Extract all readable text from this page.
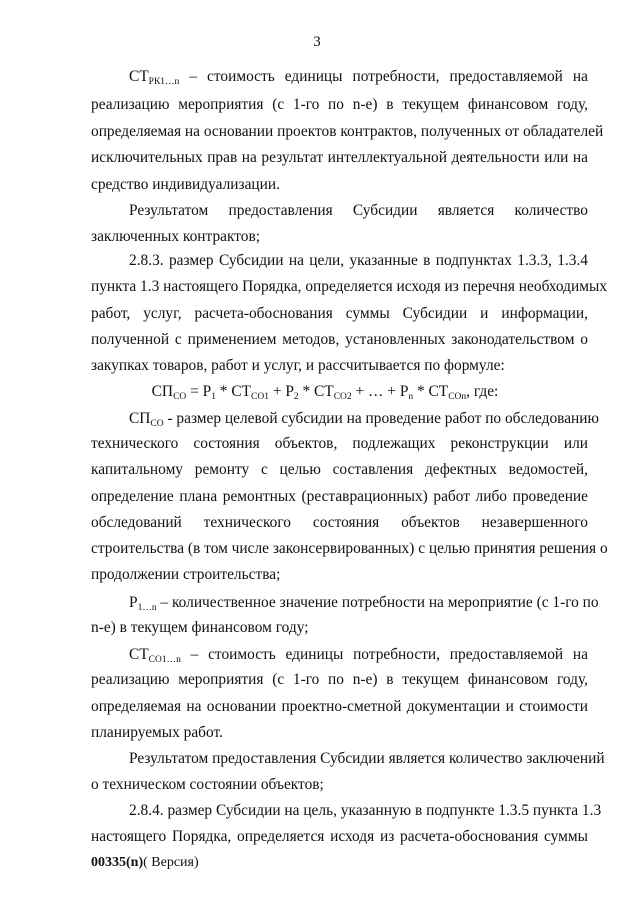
3
$СТ_{РК1\dots n}$ – стоимость единицы потребности, предоставляемой на
реализацию мероприятия (с 1-го по n-е) в текущем финансовом году,
определяемая на основании проектов контрактов, полученных от обладателей
исключительных прав на результат интеллектуальной деятельности или на
средство индивидуализации.
Результатом предоставления Субсидии является количество
заключенных контрактов;
2.8.3. размер Субсидии на цели, указанные в подпунктах 1.3.3, 1.3.4
пункта 1.3 настоящего Порядка, определяется исходя из перечня необходимых
работ, услуг, расчета-обоснования суммы Субсидии и информации,
полученной с применением методов, установленных законодательством о
закупках товаров, работ и услуг, и рассчитывается по формуле:
$СП_{СО} = Р_1 * СТ_{СО1} + Р_2 * СТ_{СО2}$ + … + $Р_n * СТ_{СОn}$, где:
$СП_{СО}$ - размер целевой субсидии на проведение работ по обследованию
технического состояния объектов, подлежащих реконструкции или
капитальному ремонту с целью составления дефектных ведомостей,
определение плана ремонтных (реставрационных) работ либо проведение
обследований технического состояния объектов незавершенного
строительства (в том числе законсервированных) с целью принятия решения о
продолжении строительства;
$Р_{1\dots n}$ – количественное значение потребности на мероприятие (с 1-го по
n-е) в текущем финансовом году;
$СТ_{СО1\dots n}$ – стоимость единицы потребности, предоставляемой на
реализацию мероприятия (с 1-го по n-е) в текущем финансовом году,
определяемая на основании проектно-сметной документации и стоимости
планируемых работ.
Результатом предоставления Субсидии является количество заключений
о техническом состоянии объектов;
2.8.4. размер Субсидии на цель, указанную в подпункте 1.3.5 пункта 1.3
настоящего Порядка, определяется исходя из расчета-обоснования суммы
00335(n)( Версия)
